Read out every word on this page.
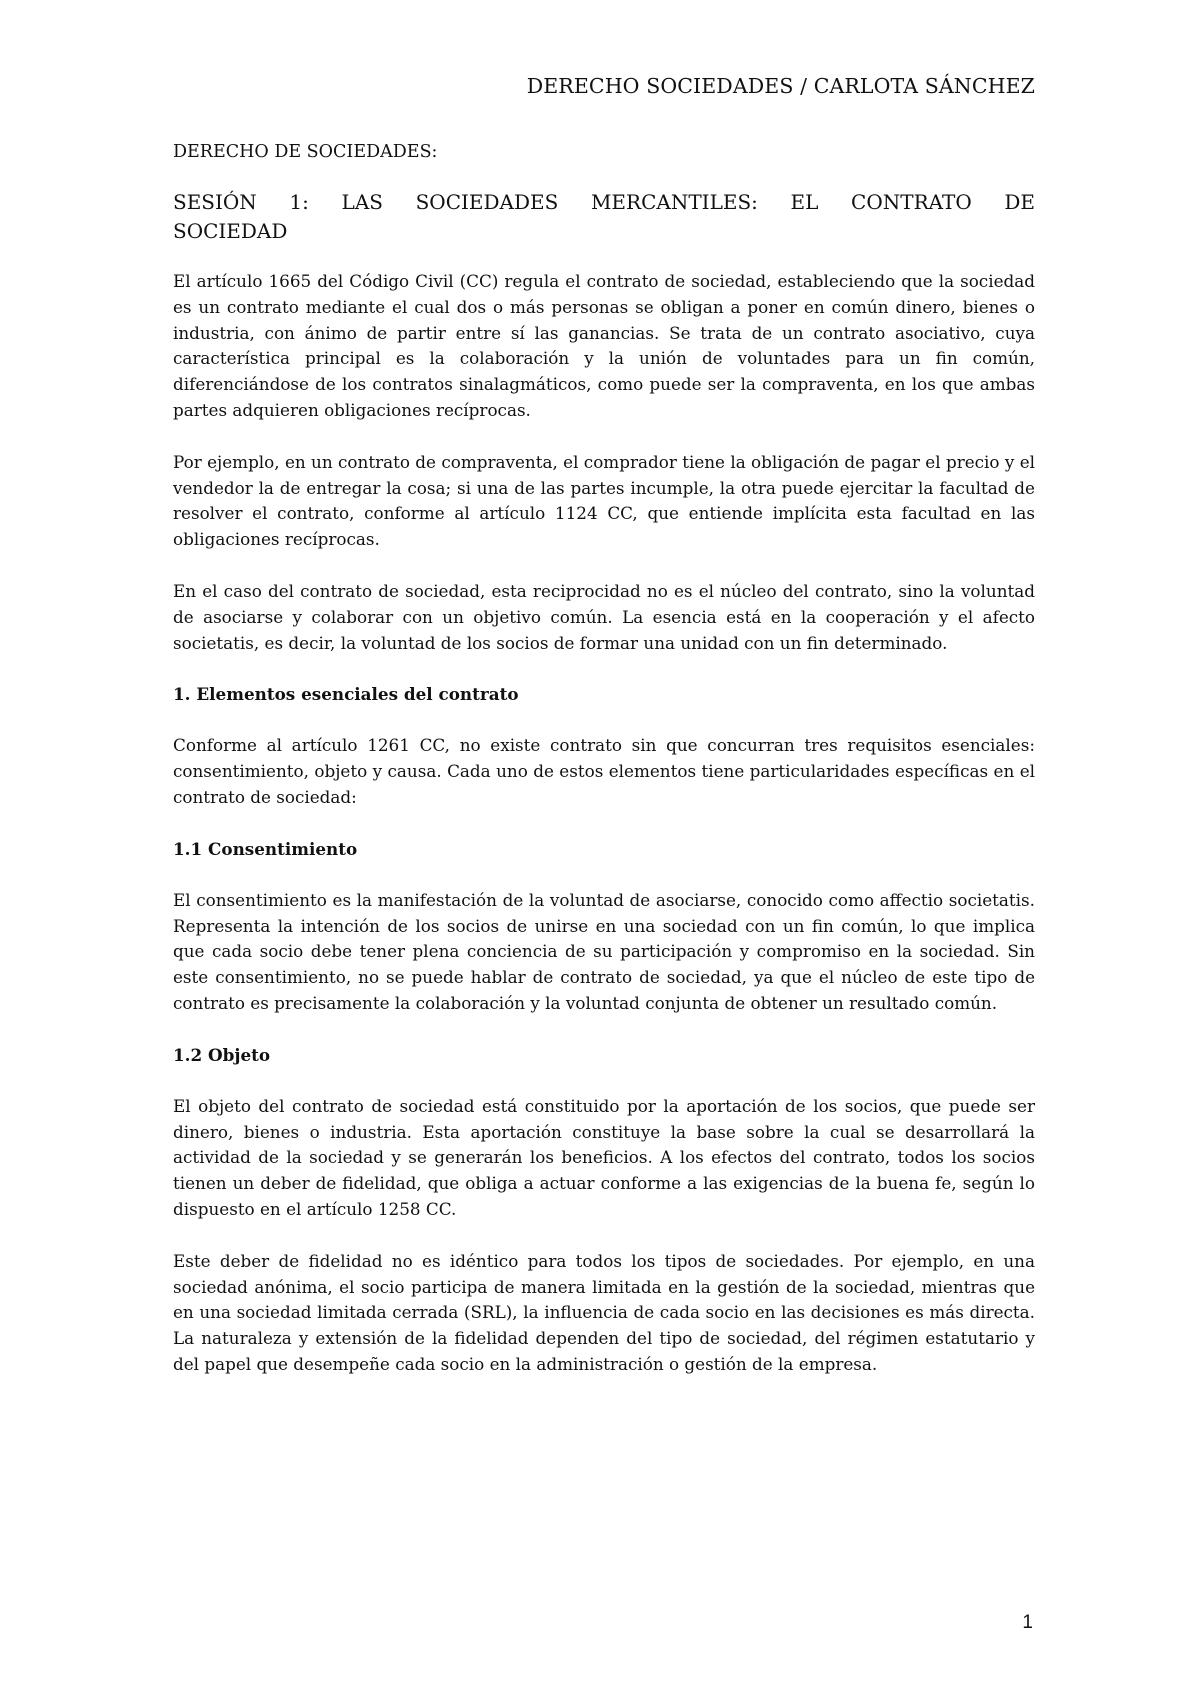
DERECHO SOCIEDADES / CARLOTA SÁNCHEZ
DERECHO DE SOCIEDADES:
SESIÓN 1: LAS SOCIEDADES MERCANTILES: EL CONTRATO DE SOCIEDAD

El artículo 1665 del Código Civil (CC) regula el contrato de sociedad, estableciendo que la sociedad es un contrato mediante el cual dos o más personas se obligan a poner en común dinero, bienes o industria, con ánimo de partir entre sí las ganancias. Se trata de un contrato asociativo, cuya característica principal es la colaboración y la unión de voluntades para un fin común, diferenciándose de los contratos sinalagmáticos, como puede ser la compraventa, en los que ambas partes adquieren obligaciones recíprocas.

Por ejemplo, en un contrato de compraventa, el comprador tiene la obligación de pagar el precio y el vendedor la de entregar la cosa; si una de las partes incumple, la otra puede ejercitar la facultad de resolver el contrato, conforme al artículo 1124 CC, que entiende implícita esta facultad en las obligaciones recíprocas.

En el caso del contrato de sociedad, esta reciprocidad no es el núcleo del contrato, sino la voluntad de asociarse y colaborar con un objetivo común. La esencia está en la cooperación y el afecto societatis, es decir, la voluntad de los socios de formar una unidad con un fin determinado.

1. Elementos esenciales del contrato

Conforme al artículo 1261 CC, no existe contrato sin que concurran tres requisitos esenciales: consentimiento, objeto y causa. Cada uno de estos elementos tiene particularidades específicas en el contrato de sociedad:

1.1 Consentimiento

El consentimiento es la manifestación de la voluntad de asociarse, conocido como affectio societatis. Representa la intención de los socios de unirse en una sociedad con un fin común, lo que implica que cada socio debe tener plena conciencia de su participación y compromiso en la sociedad. Sin este consentimiento, no se puede hablar de contrato de sociedad, ya que el núcleo de este tipo de contrato es precisamente la colaboración y la voluntad conjunta de obtener un resultado común.

1.2 Objeto

El objeto del contrato de sociedad está constituido por la aportación de los socios, que puede ser dinero, bienes o industria. Esta aportación constituye la base sobre la cual se desarrollará la actividad de la sociedad y se generarán los beneficios. A los efectos del contrato, todos los socios tienen un deber de fidelidad, que obliga a actuar conforme a las exigencias de la buena fe, según lo dispuesto en el artículo 1258 CC.

Este deber de fidelidad no es idéntico para todos los tipos de sociedades. Por ejemplo, en una sociedad anónima, el socio participa de manera limitada en la gestión de la sociedad, mientras que en una sociedad limitada cerrada (SRL), la influencia de cada socio en las decisiones es más directa. La naturaleza y extensión de la fidelidad dependen del tipo de sociedad, del régimen estatutario y del papel que desempeñe cada socio en la administración o gestión de la empresa.

1
